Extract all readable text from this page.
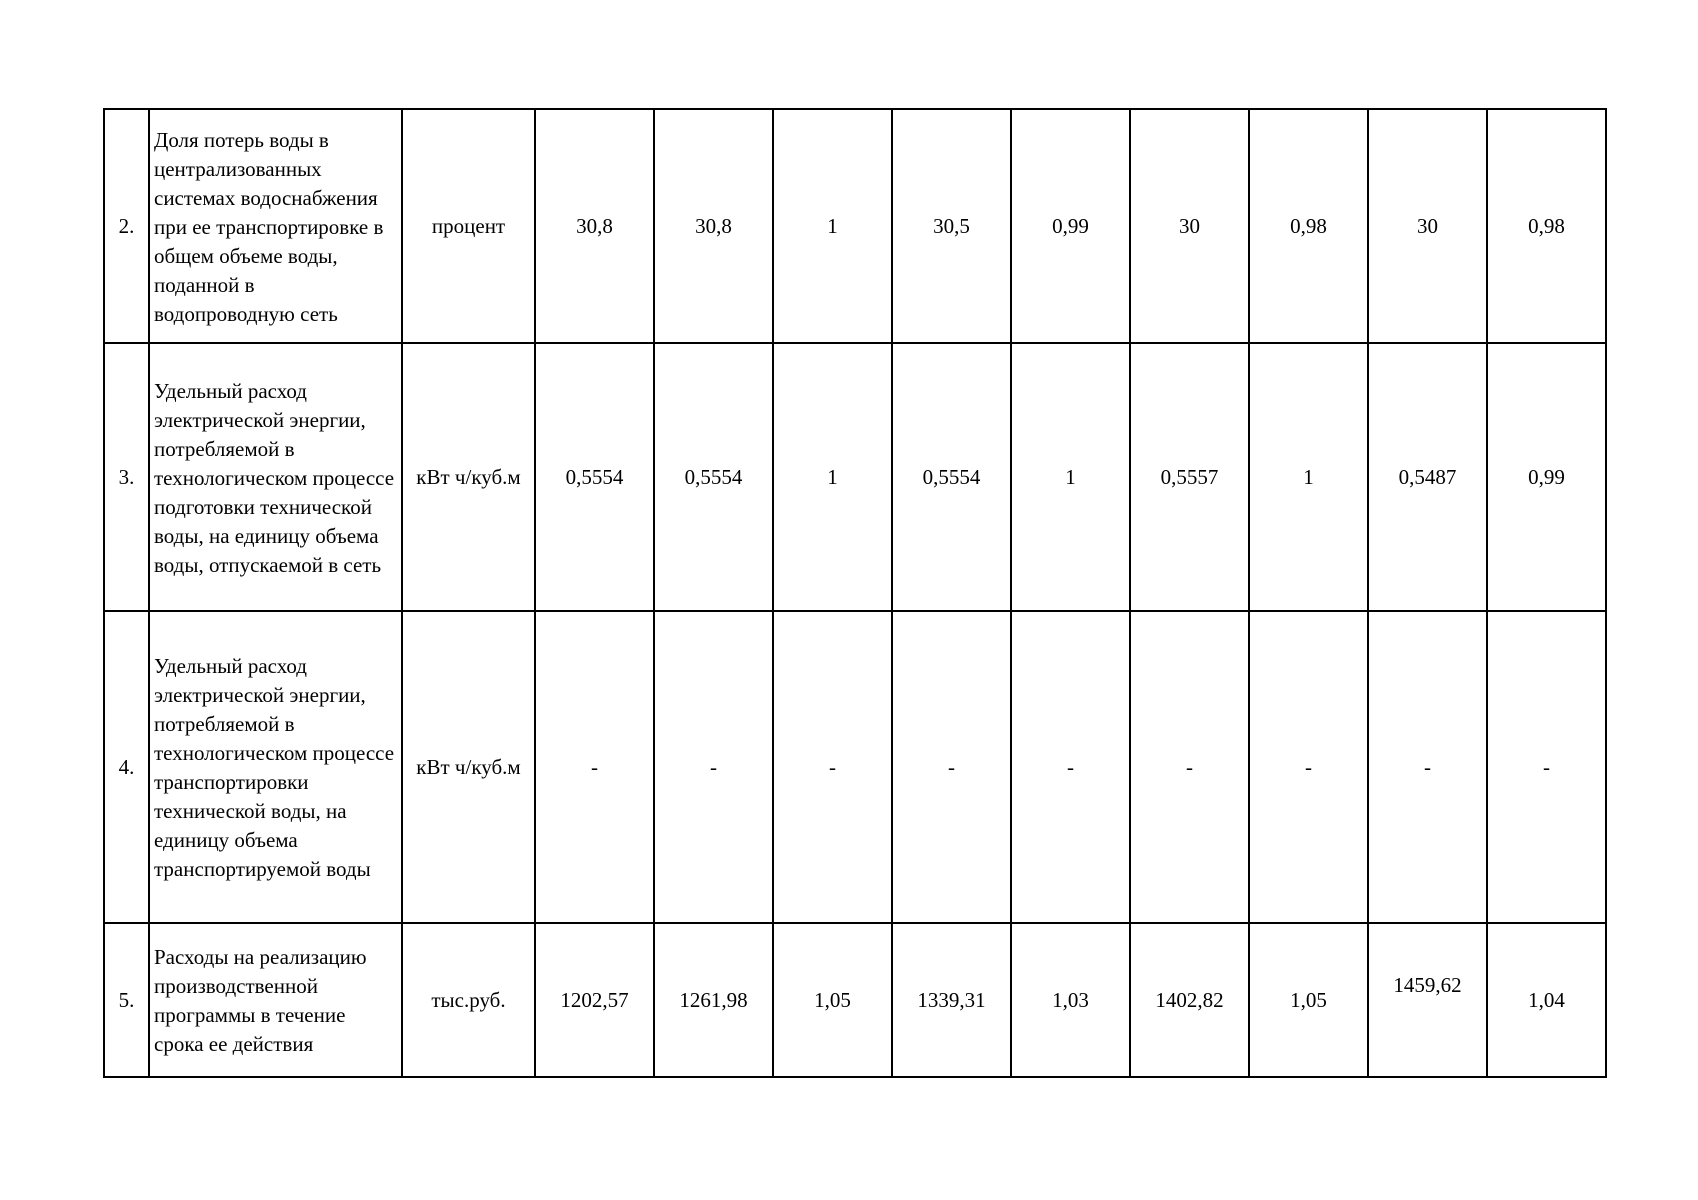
2.	Доля потерь воды в централизованных системах водоснабжения при ее транспортировке в общем объеме воды, поданной в водопроводную сеть	процент	30,8	30,8	1	30,5	0,99	30	0,98	30	0,98
3.	Удельный расход электрической энергии, потребляемой в технологическом процессе подготовки технической воды, на единицу объема воды, отпускаемой в сеть	кВт ч/куб.м	0,5554	0,5554	1	0,5554	1	0,5557	1	0,5487	0,99
4.	Удельный расход электрической энергии, потребляемой в технологическом процессе транспортировки технической воды, на единицу объема транспортируемой воды	кВт ч/куб.м	-	-	-	-	-	-	-	-	-
5.	Расходы на реализацию производственной программы в течение срока ее действия	тыс.руб.	1202,57	1261,98	1,05	1339,31	1,03	1402,82	1,05	1459,62	1,04
